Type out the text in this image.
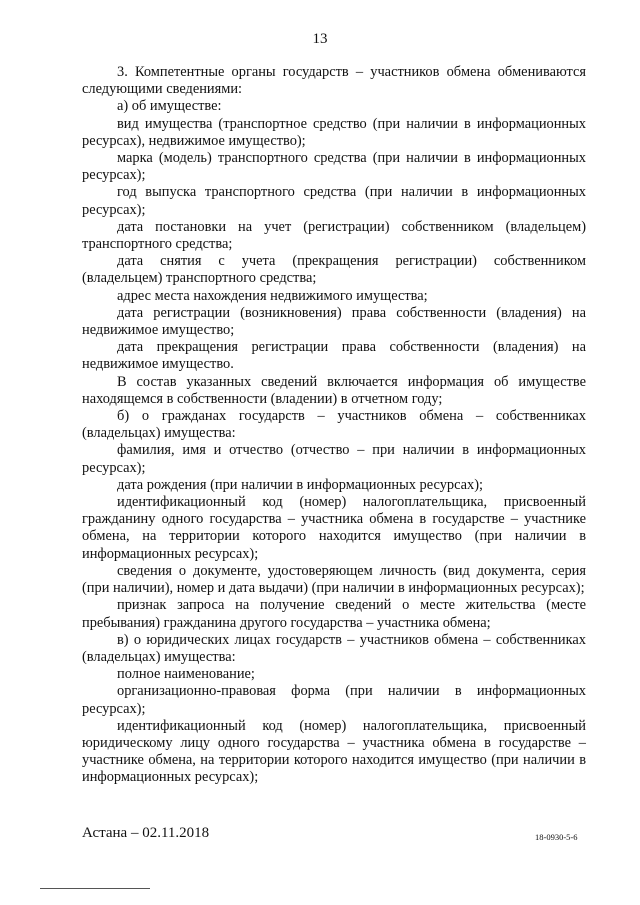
13

3. Компетентные органы государств – участников обмена обмениваются следующими сведениями:

а) об имуществе:

вид имущества (транспортное средство (при наличии в информационных ресурсах), недвижимое имущество);

марка (модель) транспортного средства (при наличии в информационных ресурсах);

год выпуска транспортного средства (при наличии в информационных ресурсах);

дата постановки на учет (регистрации) собственником (владельцем) транспортного средства;

дата снятия с учета (прекращения регистрации) собственником (владельцем) транспортного средства;

адрес места нахождения недвижимого имущества;

дата регистрации (возникновения) права собственности (владения) на недвижимое имущество;

дата прекращения регистрации права собственности (владения) на недвижимое имущество.

В состав указанных сведений включается информация об имуществе находящемся в собственности (владении) в отчетном году;

б) о гражданах государств – участников обмена – собственниках (владельцах) имущества:

фамилия, имя и отчество (отчество – при наличии в информационных ресурсах);

дата рождения (при наличии в информационных ресурсах);

идентификационный код (номер) налогоплательщика, присвоенный гражданину одного государства – участника обмена в государстве – участнике обмена, на территории которого находится имущество (при наличии в информационных ресурсах);

сведения о документе, удостоверяющем личность (вид документа, серия (при наличии), номер и дата выдачи) (при наличии в информационных ресурсах);

признак запроса на получение сведений о месте жительства (месте пребывания) гражданина другого государства – участника обмена;

в) о юридических лицах государств – участников обмена – собственниках (владельцах) имущества:

полное наименование;

организационно-правовая форма (при наличии в информационных ресурсах);

идентификационный код (номер) налогоплательщика, присвоенный юридическому лицу одного государства – участника обмена в государстве – участнике обмена, на территории которого находится имущество (при наличии в информационных ресурсах);

Астана – 02.11.2018	18-0930-5-6
